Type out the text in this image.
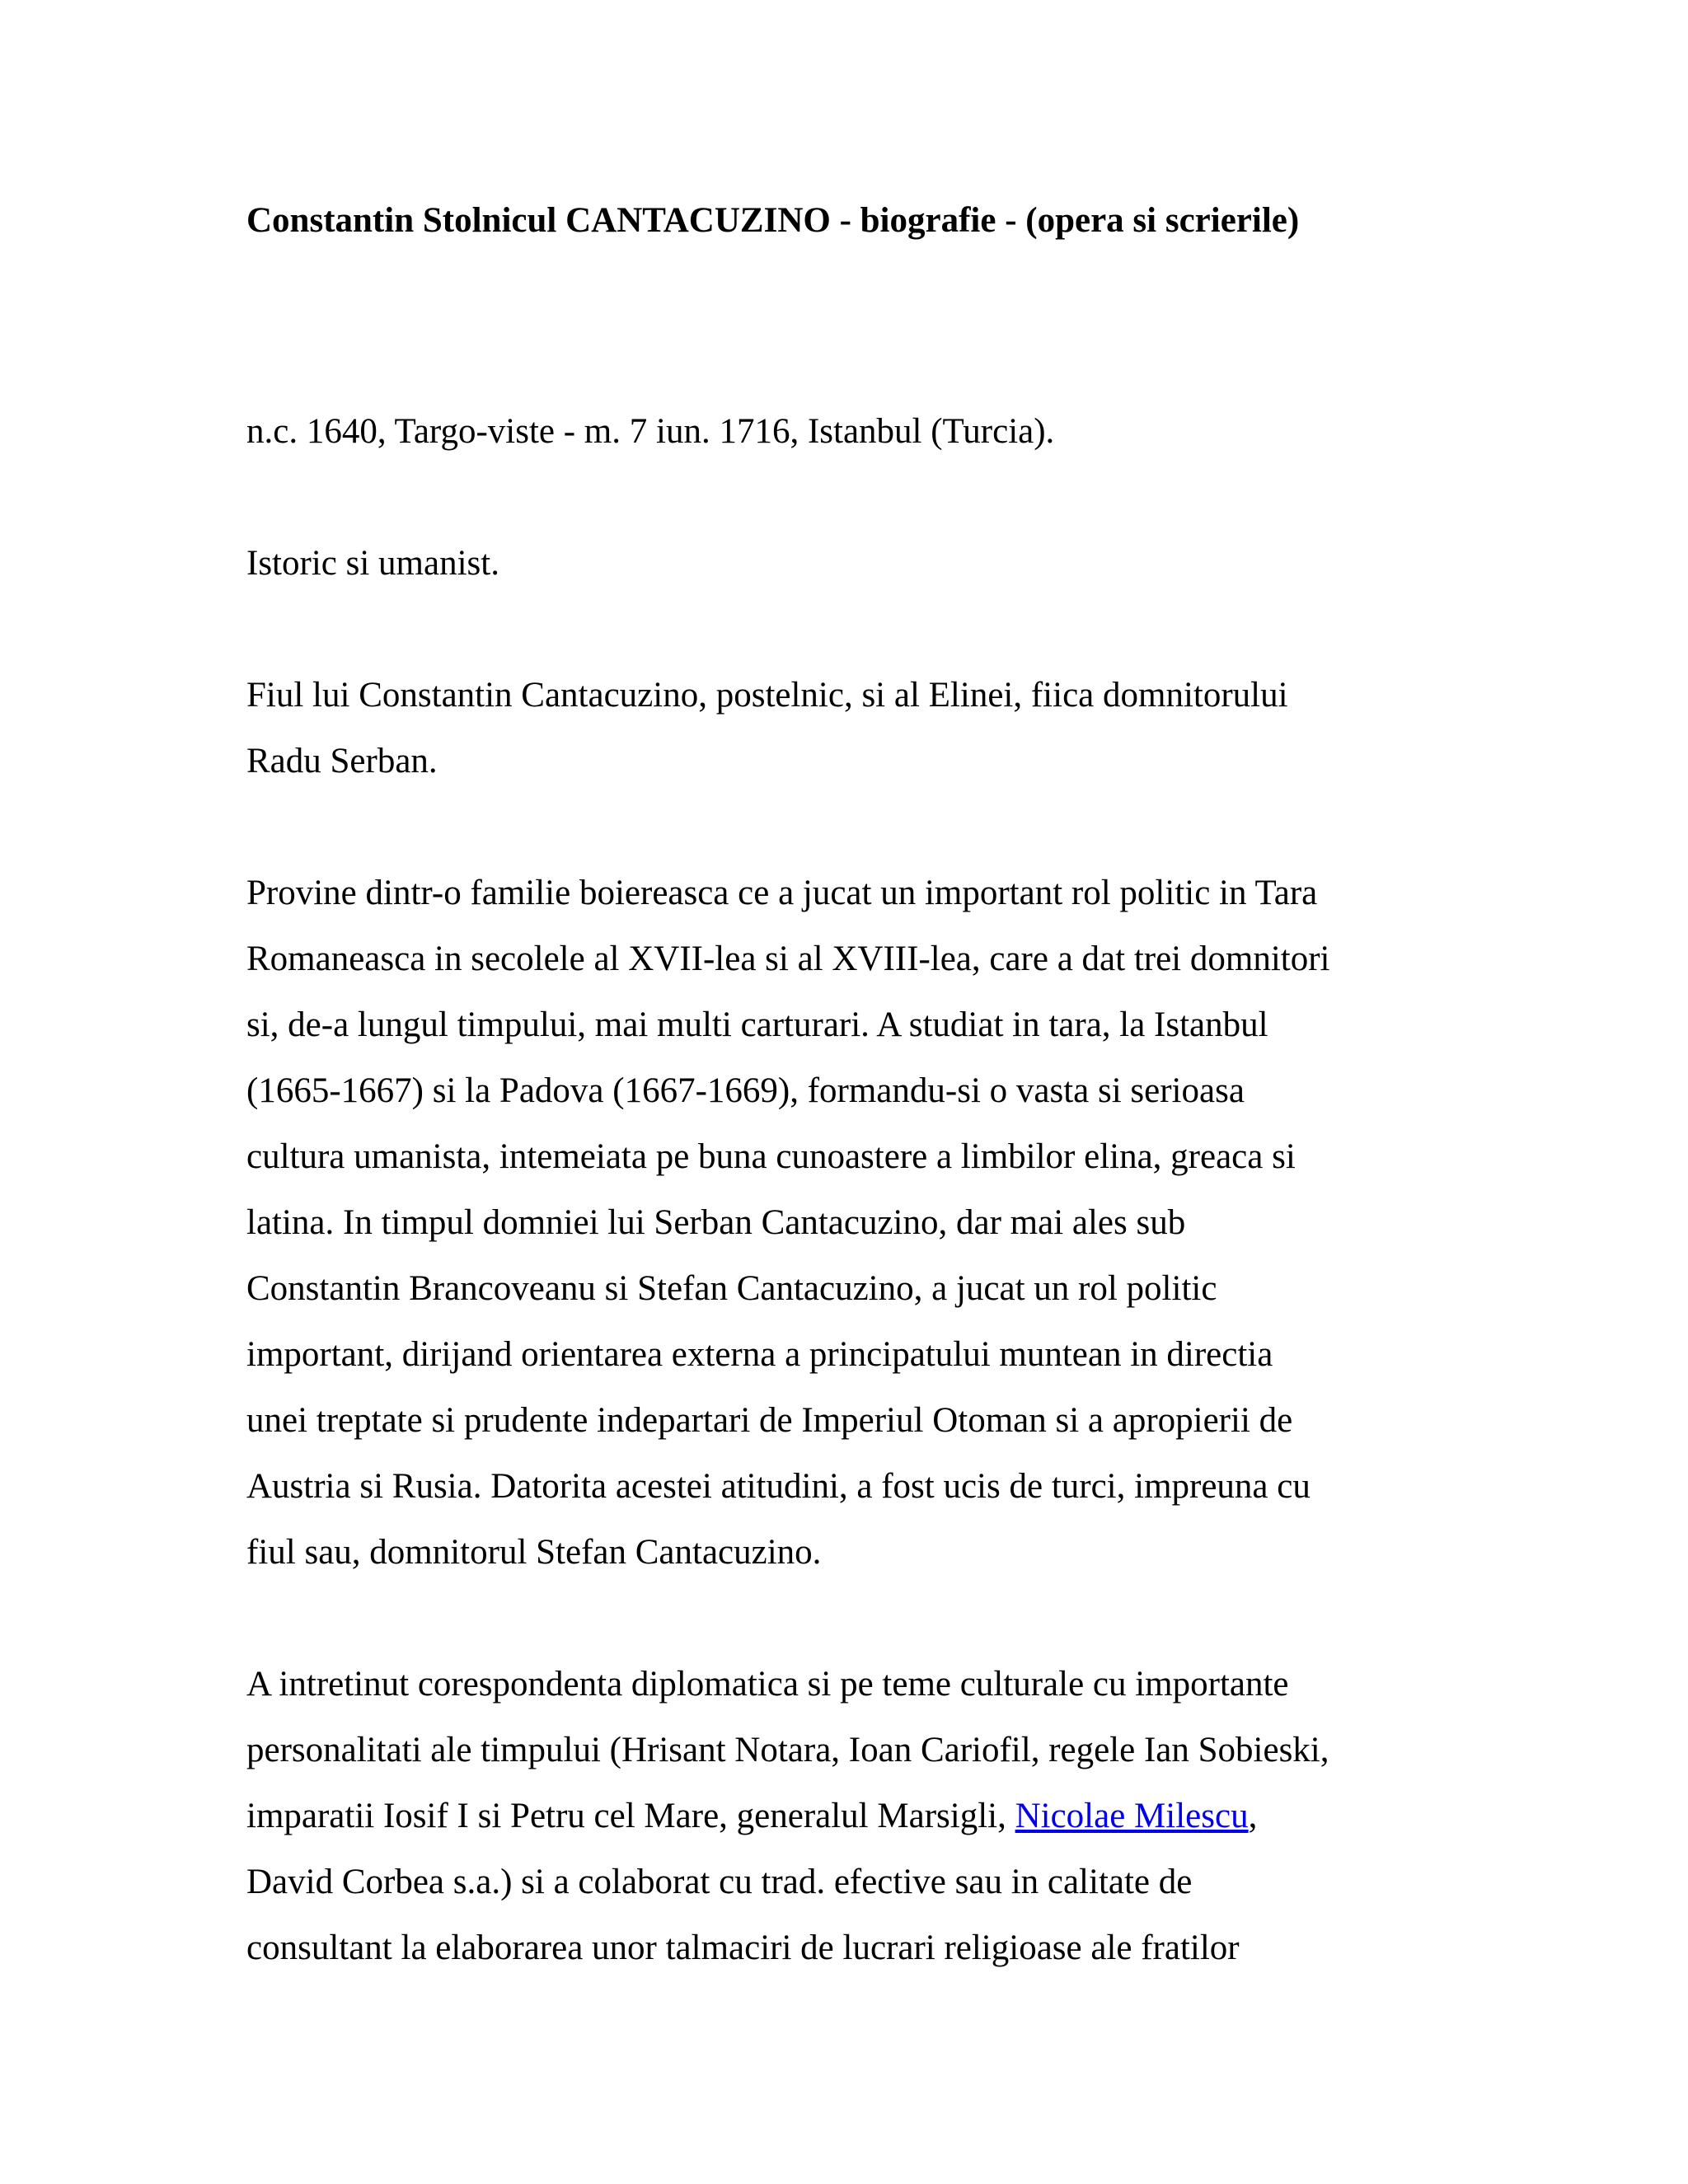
Constantin Stolnicul CANTACUZINO - biografie - (opera si scrierile)

n.c. 1640, Targo-viste - m. 7 iun. 1716, Istanbul (Turcia).

Istoric si umanist.

Fiul lui Constantin Cantacuzino, postelnic, si al Elinei, fiica domnitorului

Radu Serban.

Provine dintr-o familie boiereasca ce a jucat un important rol politic in Tara

Romaneasca in secolele al XVII-lea si al XVIII-lea, care a dat trei domnitori

si, de-a lungul timpului, mai multi carturari. A studiat in tara, la Istanbul

(1665-1667) si la Padova (1667-1669), formandu-si o vasta si serioasa

cultura umanista, intemeiata pe buna cunoastere a limbilor elina, greaca si

latina. In timpul domniei lui Serban Cantacuzino, dar mai ales sub

Constantin Brancoveanu si Stefan Cantacuzino, a jucat un rol politic

important, dirijand orientarea externa a principatului muntean in directia

unei treptate si prudente indepartari de Imperiul Otoman si a apropierii de

Austria si Rusia. Datorita acestei atitudini, a fost ucis de turci, impreuna cu

fiul sau, domnitorul Stefan Cantacuzino.

A intretinut corespondenta diplomatica si pe teme culturale cu importante

personalitati ale timpului (Hrisant Notara, Ioan Cariofil, regele Ian Sobieski,

imparatii Iosif I si Petru cel Mare, generalul Marsigli, Nicolae Milescu,

David Corbea s.a.) si a colaborat cu trad. efective sau in calitate de

consultant la elaborarea unor talmaciri de lucrari religioase ale fratilor
